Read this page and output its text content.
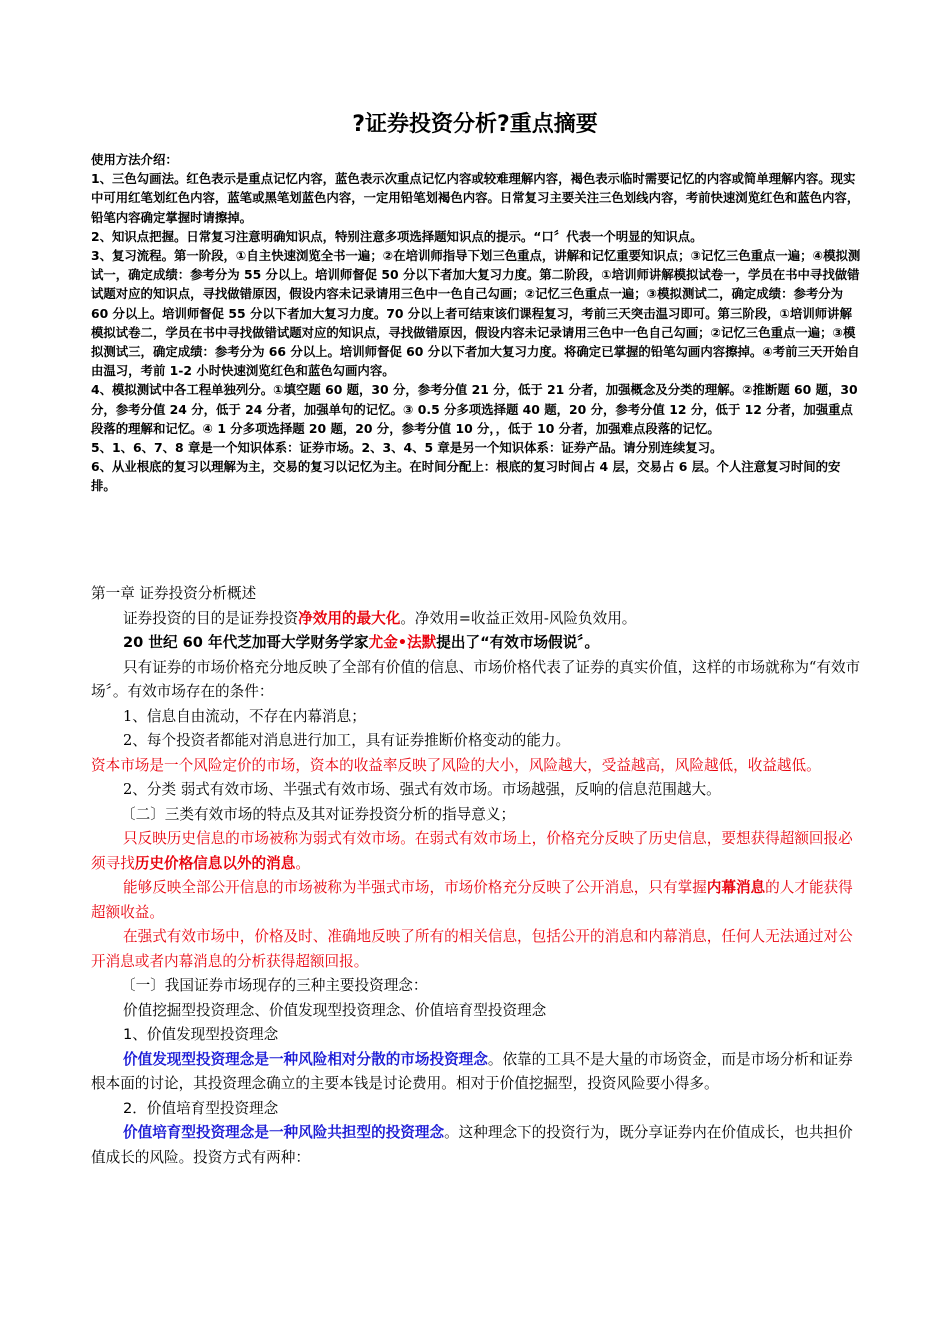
?证券投资分析?重点摘要

使用方法介绍：

1、三色勾画法。红色表示是重点记忆内容，蓝色表示次重点记忆内容或较难理解内容，褐色表示临时需要记忆的内容或简单理解内容。现实中可用红笔划红色内容，蓝笔或黑笔划蓝色内容，一定用铅笔划褐色内容。日常复习主要关注三色划线内容，考前快速浏览红色和蓝色内容，铅笔内容确定掌握时请擦掉。

2、知识点把握。日常复习注意明确知识点，特别注意多项选择题知识点的提示。“口〞代表一个明显的知识点。

3、复习流程。第一阶段，①自主快速浏览全书一遍；②在培训师指导下划三色重点，讲解和记忆重要知识点；③记忆三色重点一遍；④模拟测试一，确定成绩：参考分为 55 分以上。培训师督促 50 分以下者加大复习力度。第二阶段，①培训师讲解模拟试卷一，学员在书中寻找做错试题对应的知识点，寻找做错原因，假设内容未记录请用三色中一色自己勾画；②记忆三色重点一遍；③模拟测试二，确定成绩：参考分为 60 分以上。培训师督促 55 分以下者加大复习力度。70 分以上者可结束该们课程复习，考前三天突击温习即可。第三阶段，①培训师讲解模拟试卷二，学员在书中寻找做错试题对应的知识点，寻找做错原因，假设内容未记录请用三色中一色自己勾画；②记忆三色重点一遍；③模拟测试三，确定成绩：参考分为 66 分以上。培训师督促 60 分以下者加大复习力度。将确定已掌握的铅笔勾画内容擦掉。④考前三天开始自由温习，考前 1-2 小时快速浏览红色和蓝色勾画内容。

4、模拟测试中各工程单独列分。①填空题 60 题，30 分，参考分值 21 分，低于 21 分者，加强概念及分类的理解。②推断题 60 题，30 分，参考分值 24 分，低于 24 分者，加强单句的记忆。③ 0.5 分多项选择题 40 题，20 分，参考分值 12 分，低于 12 分者，加强重点段落的理解和记忆。④ 1 分多项选择题 20 题，20 分，参考分值 10 分，，低于 10 分者，加强难点段落的记忆。

5、1、6、7、8 章是一个知识体系：证券市场。2、3、4、5 章是另一个知识体系：证券产品。请分别连续复习。

6、从业根底的复习以理解为主，交易的复习以记忆为主。在时间分配上：根底的复习时间占 4 层，交易占 6 层。个人注意复习时间的安排。

第一章 证券投资分析概述

证券投资的目的是证券投资净效用的最大化。净效用=收益正效用-风险负效用。

20 世纪 60 年代芝加哥大学财务学家尤金•法默提出了“有效市场假说〞。

只有证券的市场价格充分地反映了全部有价值的信息、市场价格代表了证券的真实价值，这样的市场就称为“有效市场〞。有效市场存在的条件：

1、信息自由流动，不存在内幕消息；

2、每个投资者都能对消息进行加工，具有证券推断价格变动的能力。

资本市场是一个风险定价的市场，资本的收益率反映了风险的大小，风险越大，受益越高，风险越低，收益越低。

2、分类 弱式有效市场、半强式有效市场、强式有效市场。市场越强，反响的信息范围越大。

〔二〕三类有效市场的特点及其对证券投资分析的指导意义；

只反映历史信息的市场被称为弱式有效市场。在弱式有效市场上，价格充分反映了历史信息，要想获得超额回报必须寻找历史价格信息以外的消息。

能够反映全部公开信息的市场被称为半强式市场，市场价格充分反映了公开消息，只有掌握内幕消息的人才能获得超额收益。

在强式有效市场中，价格及时、准确地反映了所有的相关信息，包括公开的消息和内幕消息，任何人无法通过对公开消息或者内幕消息的分析获得超额回报。

〔一〕我国证券市场现存的三种主要投资理念：

价值挖掘型投资理念、价值发现型投资理念、价值培育型投资理念

1、价值发现型投资理念

价值发现型投资理念是一种风险相对分散的市场投资理念。依靠的工具不是大量的市场资金，而是市场分析和证券根本面的讨论，其投资理念确立的主要本钱是讨论费用。相对于价值挖掘型，投资风险要小得多。

2．价值培育型投资理念

价值培育型投资理念是一种风险共担型的投资理念。这种理念下的投资行为，既分享证券内在价值成长，也共担价值成长的风险。投资方式有两种：
